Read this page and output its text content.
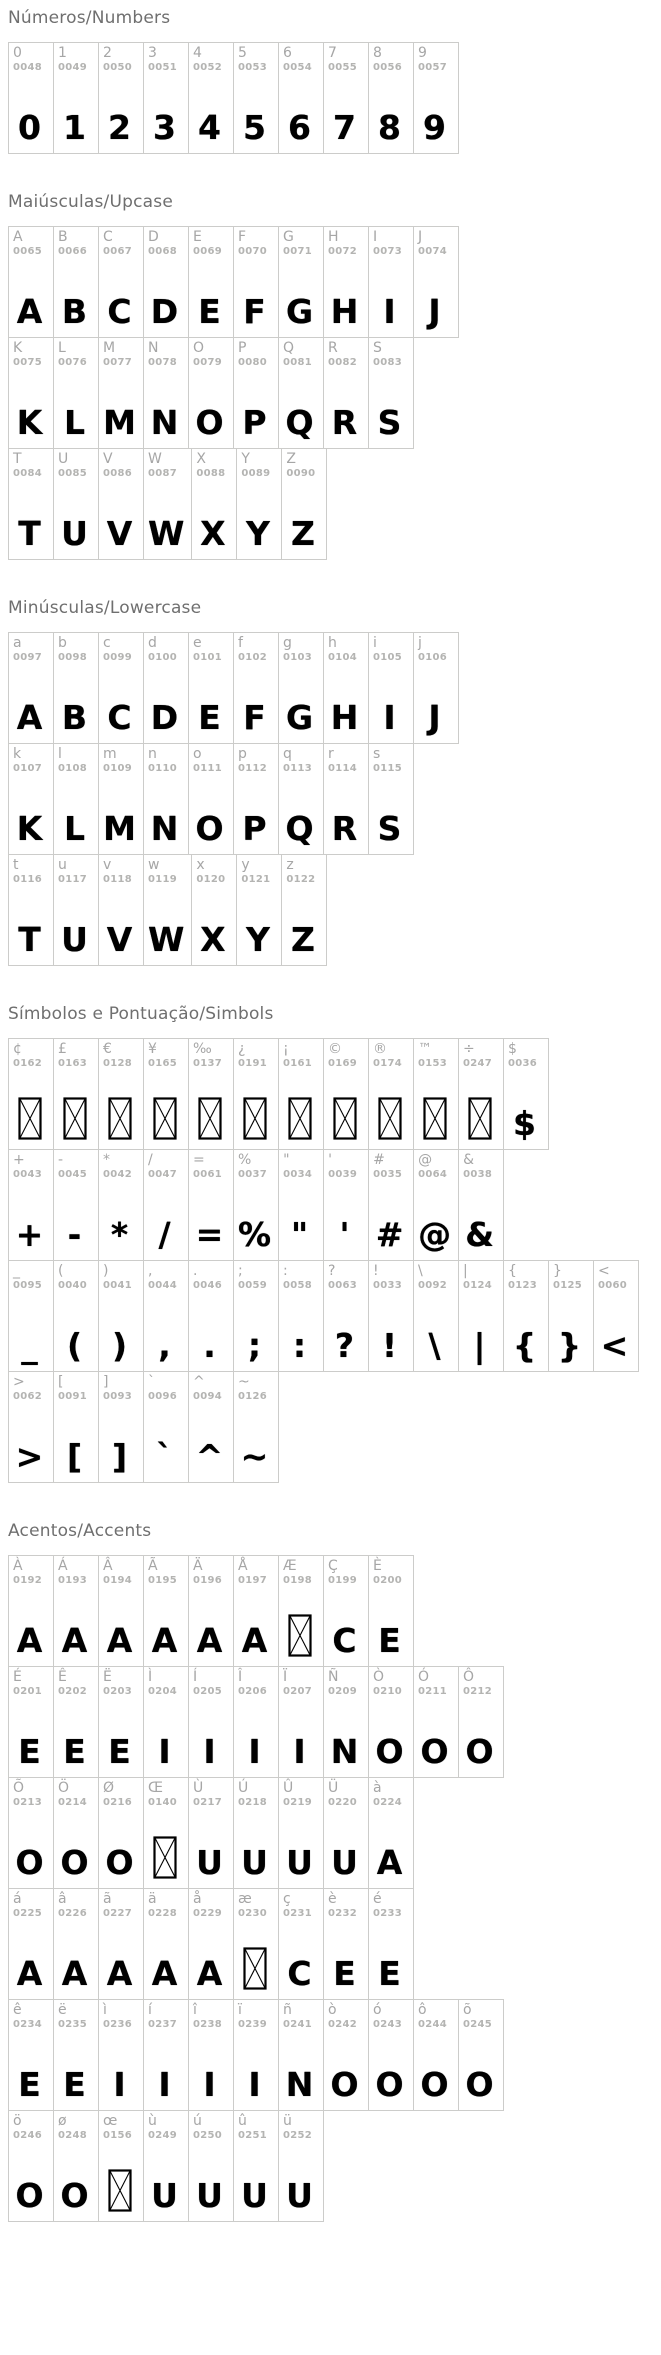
Números/Numbers
0
0048
0
1
0049
1
2
0050
2
3
0051
3
4
0052
4
5
0053
5
6
0054
6
7
0055
7
8
0056
8
9
0057
9
Maiúsculas/Upcase
A
0065
A
B
0066
B
C
0067
C
D
0068
D
E
0069
E
F
0070
F
G
0071
G
H
0072
H
I
0073
I
J
0074
J
K
0075
K
L
0076
L
M
0077
M
N
0078
N
O
0079
O
P
0080
P
Q
0081
Q
R
0082
R
S
0083
S
T
0084
T
U
0085
U
V
0086
V
W
0087
W
X
0088
X
Y
0089
Y
Z
0090
Z
Minúsculas/Lowercase
a
0097
A
b
0098
B
c
0099
C
d
0100
D
e
0101
E
f
0102
F
g
0103
G
h
0104
H
i
0105
I
j
0106
J
k
0107
K
l
0108
L
m
0109
M
n
0110
N
o
0111
O
p
0112
P
q
0113
Q
r
0114
R
s
0115
S
t
0116
T
u
0117
U
v
0118
V
w
0119
W
x
0120
X
y
0121
Y
z
0122
Z
Símbolos e Pontuação/Simbols
¢
0162
£
0163
€
0128
¥
0165
‰
0137
¿
0191
¡
0161
©
0169
®
0174
™
0153
÷
0247
$
0036
$
+
0043
+
-
0045
-
*
0042
*
/
0047
/
=
0061
=
%
0037
%
"
0034
"
'
0039
'
#
0035
#
@
0064
@
&
0038
&
_
0095
_
(
0040
(
)
0041
)
,
0044
,
.
0046
.
;
0059
;
:
0058
:
?
0063
?
!
0033
!
\
0092
\
|
0124
|
{
0123
{
}
0125
}
<
0060
<
>
0062
>
[
0091
[
]
0093
]
`
0096
`
^
0094
^
~
0126
~
Acentos/Accents
À
0192
A
Á
0193
A
Â
0194
A
Ã
0195
A
Ä
0196
A
Å
0197
A
Æ
0198
Ç
0199
C
È
0200
E
É
0201
E
Ê
0202
E
Ë
0203
E
Ì
0204
I
Í
0205
I
Î
0206
I
Ï
0207
I
Ñ
0209
N
Ò
0210
O
Ó
0211
O
Ô
0212
O
Õ
0213
O
Ö
0214
O
Ø
0216
O
Œ
0140
Ù
0217
U
Ú
0218
U
Û
0219
U
Ü
0220
U
à
0224
A
á
0225
A
â
0226
A
ã
0227
A
ä
0228
A
å
0229
A
æ
0230
ç
0231
C
è
0232
E
é
0233
E
ê
0234
E
ë
0235
E
ì
0236
I
í
0237
I
î
0238
I
ï
0239
I
ñ
0241
N
ò
0242
O
ó
0243
O
ô
0244
O
õ
0245
O
ö
0246
O
ø
0248
O
œ
0156
ù
0249
U
ú
0250
U
û
0251
U
ü
0252
U
